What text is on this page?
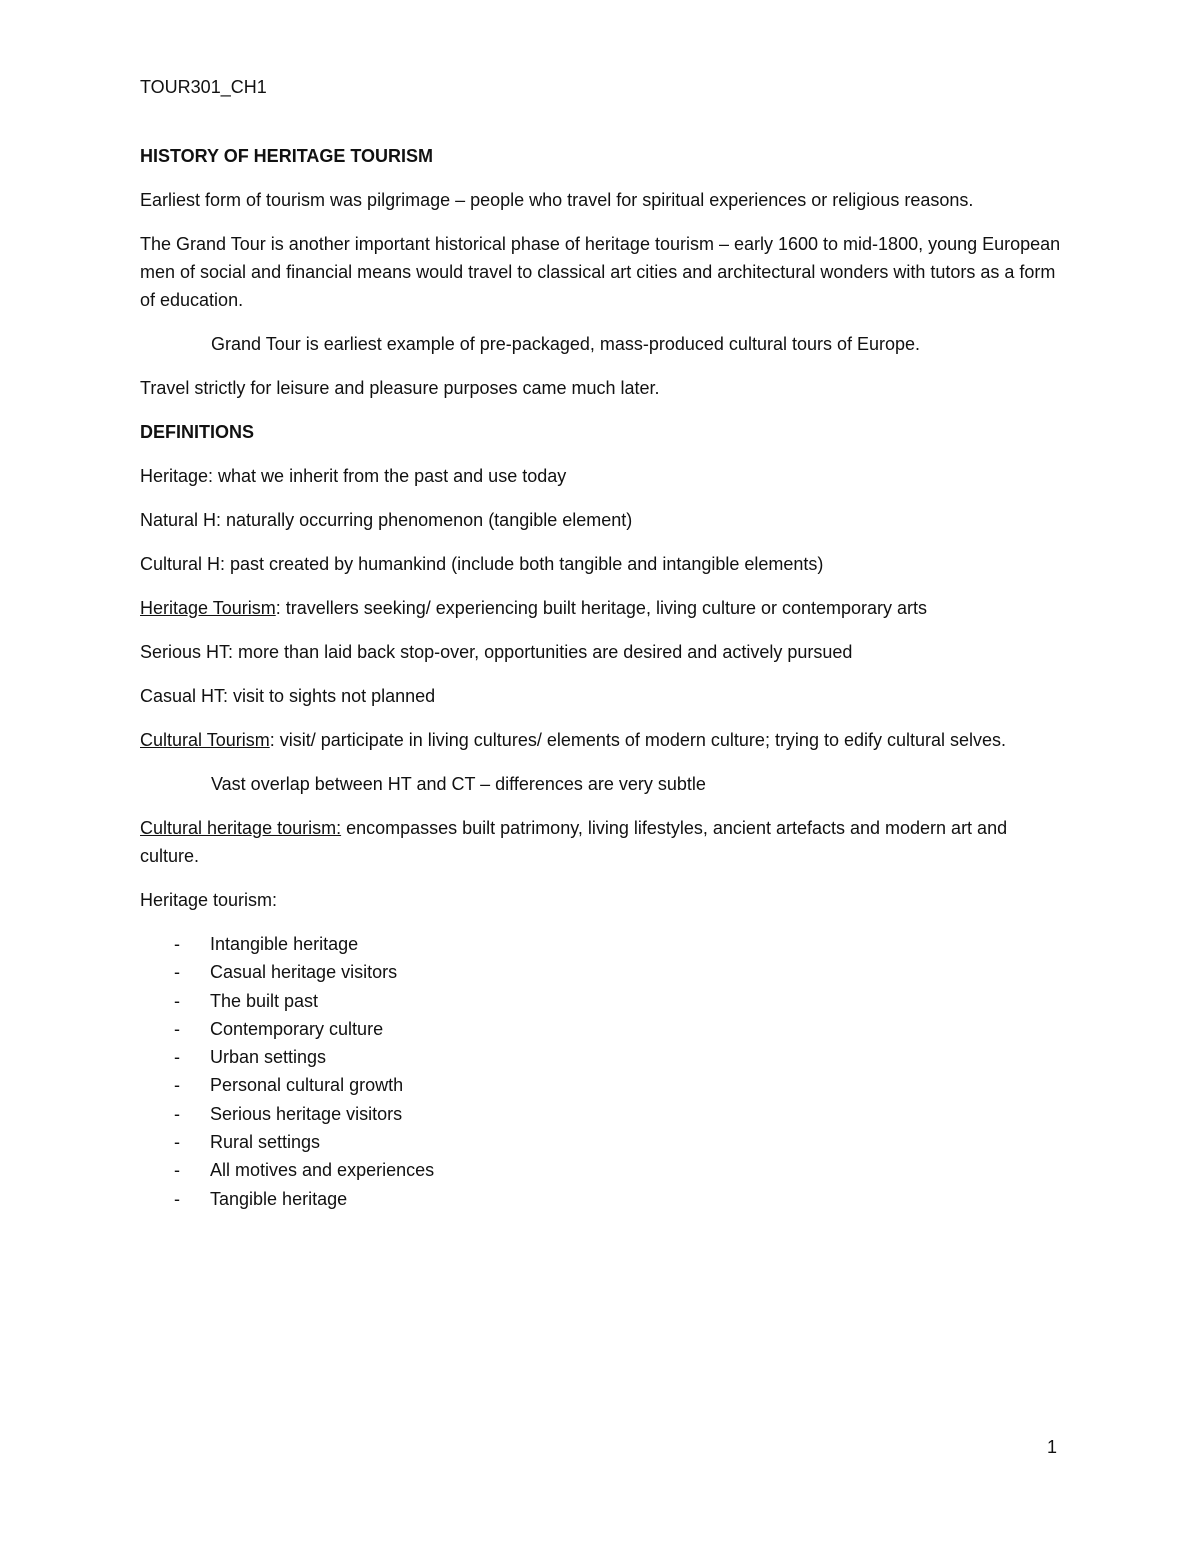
TOUR301_CH1
HISTORY OF HERITAGE TOURISM
Earliest form of tourism was pilgrimage – people who travel for spiritual experiences or religious reasons.
The Grand Tour is another important historical phase of heritage tourism – early 1600 to mid-1800, young European men of social and financial means would travel to classical art cities and architectural wonders with tutors as a form of education.
Grand Tour is earliest example of pre-packaged, mass-produced cultural tours of Europe.
Travel strictly for leisure and pleasure purposes came much later.
DEFINITIONS
Heritage: what we inherit from the past and use today
Natural H: naturally occurring phenomenon (tangible element)
Cultural H: past created by humankind (include both tangible and intangible elements)
Heritage Tourism: travellers seeking/ experiencing built heritage, living culture or contemporary arts
Serious HT: more than laid back stop-over, opportunities are desired and actively pursued
Casual HT: visit to sights not planned
Cultural Tourism: visit/ participate in living cultures/ elements of modern culture; trying to edify cultural selves.
Vast overlap between HT and CT – differences are very subtle
Cultural heritage tourism: encompasses built patrimony, living lifestyles, ancient artefacts and modern art and culture.
Heritage tourism:
- Intangible heritage
- Casual heritage visitors
- The built past
- Contemporary culture
- Urban settings
- Personal cultural growth
- Serious heritage visitors
- Rural settings
- All motives and experiences
- Tangible heritage
1
